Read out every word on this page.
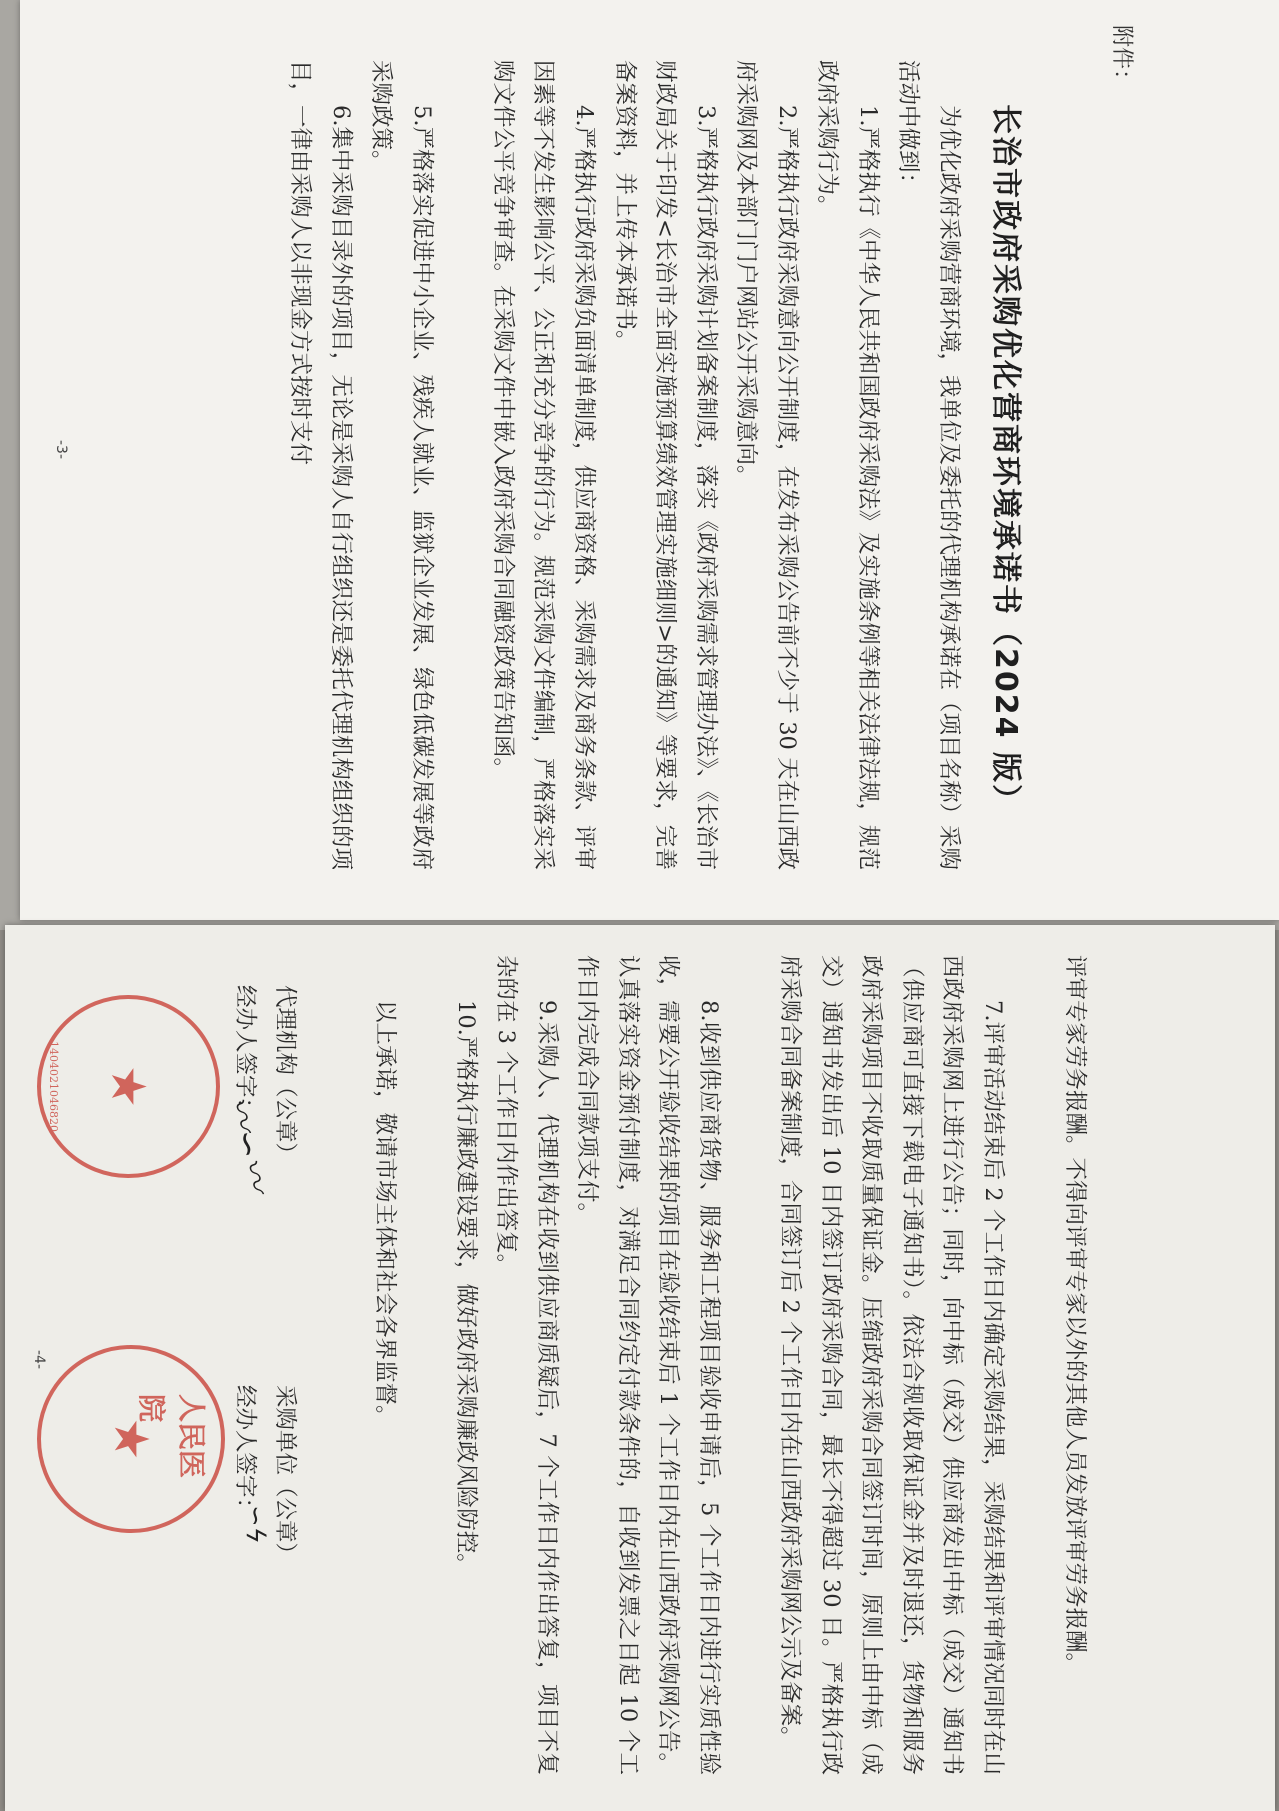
附件：
长治市政府采购优化营商环境承诺书（2024 版）

为优化政府采购营商环境，我单位及委托的代理机构承诺在（项目名称）采购活动中做到：

1.严格执行《中华人民共和国政府采购法》及实施条例等相关法律法规，规范政府采购行为。

2.严格执行政府采购意向公开制度，在发布采购公告前不少于 30 天在山西政府采购网及本部门门户网站公开采购意向。

3.严格执行政府采购计划备案制度，落实《政府采购需求管理办法》、《长治市财政局关于印发<长治市全面实施预算绩效管理实施细则>的通知》等要求，完善备案资料，并上传本承诺书。

4.严格执行政府采购负面清单制度，供应商资格、采购需求及商务条款、评审因素等不发生影响公平、公正和充分竞争的行为。规范采购文件编制，严格落实采购文件公平竞争审查。在采购文件中嵌入政府采购合同融资政策告知函。

5.严格落实促进中小企业、残疾人就业、监狱企业发展、绿色低碳发展等政府采购政策。

6.集中采购目录外的项目，无论是采购人自行组织还是委托代理机构组织的项目，一律由采购人以非现金方式按时支付

-3-

评审专家劳务报酬。不得向评审专家以外的其他人员发放评审劳务报酬。

7.评审活动结束后 2 个工作日内确定采购结果，采购结果和评审情况同时在山西政府采购网上进行公告；同时，向中标（成交）供应商发出中标（成交）通知书（供应商可直接下载电子通知书）。依法合规收取保证金并及时退还，货物和服务政府采购项目不收取质量保证金。压缩政府采购合同签订时间，原则上由中标（成交）通知书发出后 10 日内签订政府采购合同，最长不得超过 30 日。严格执行政府采购合同备案制度，合同签订后 2 个工作日内在山西政府采购网公示及备案。

8.收到供应商货物、服务和工程项目验收申请后，5 个工作日内进行实质性验收，需要公开验收结果的项目在验收结束后 1 个工作日内在山西政府采购网公告。认真落实资金预付制度，对满足合同约定付款条件的，自收到发票之日起 10 个工作日内完成合同款项支付。

9.采购人、代理机构在收到供应商质疑后，7 个工作日内作出答复，项目不复杂的在 3 个工作日内作出答复。

10.严格执行廉政建设要求，做好政府采购廉政风险防控。

以上承诺，敬请市场主体和社会各界监督。

代理机构（公章）
经办人签字：
采购单位（公章）
经办人签字：
★
1404021046820
★ 人民医院
〰∽〰
∽ϟ
-4-
